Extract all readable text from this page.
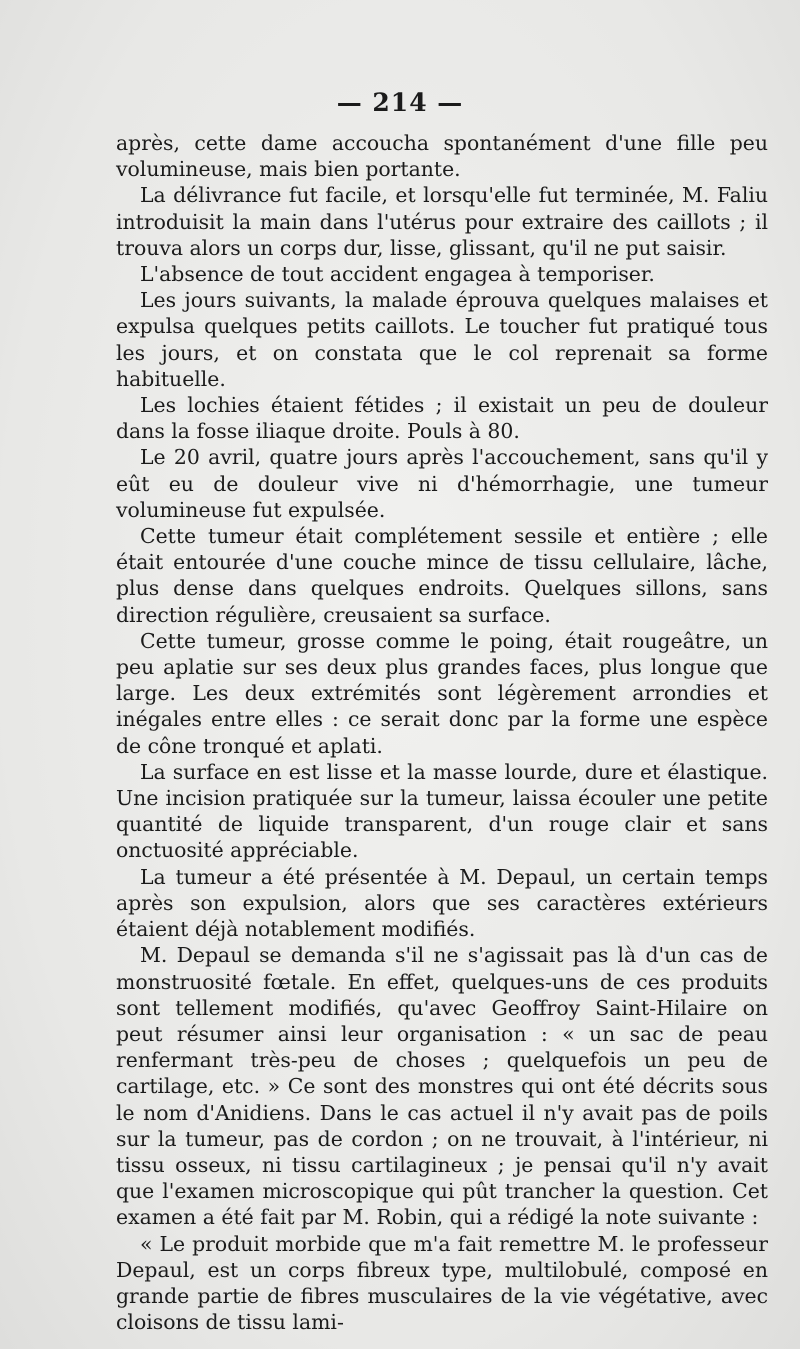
— 214 —

après, cette dame accoucha spontanément d'une fille peu volumineuse, mais bien portante.

La délivrance fut facile, et lorsqu'elle fut terminée, M. Faliu introduisit la main dans l'utérus pour extraire des caillots ; il trouva alors un corps dur, lisse, glissant, qu'il ne put saisir.

L'absence de tout accident engagea à temporiser.

Les jours suivants, la malade éprouva quelques malaises et expulsa quelques petits caillots. Le toucher fut pratiqué tous les jours, et on constata que le col reprenait sa forme habituelle.

Les lochies étaient fétides ; il existait un peu de douleur dans la fosse iliaque droite. Pouls à 80.

Le 20 avril, quatre jours après l'accouchement, sans qu'il y eût eu de douleur vive ni d'hémorrhagie, une tumeur volumineuse fut expulsée.

Cette tumeur était complétement sessile et entière ; elle était entourée d'une couche mince de tissu cellulaire, lâche, plus dense dans quelques endroits. Quelques sillons, sans direction régulière, creusaient sa surface.

Cette tumeur, grosse comme le poing, était rougeâtre, un peu aplatie sur ses deux plus grandes faces, plus longue que large. Les deux extrémités sont légèrement arrondies et inégales entre elles : ce serait donc par la forme une espèce de cône tronqué et aplati.

La surface en est lisse et la masse lourde, dure et élastique. Une incision pratiquée sur la tumeur, laissa écouler une petite quantité de liquide transparent, d'un rouge clair et sans onctuosité appréciable.

La tumeur a été présentée à M. Depaul, un certain temps après son expulsion, alors que ses caractères extérieurs étaient déjà notablement modifiés.

M. Depaul se demanda s'il ne s'agissait pas là d'un cas de monstruosité fœtale. En effet, quelques-uns de ces produits sont tellement modifiés, qu'avec Geoffroy Saint-Hilaire on peut résumer ainsi leur organisation : « un sac de peau renfermant très-peu de choses ; quelquefois un peu de cartilage, etc. » Ce sont des monstres qui ont été décrits sous le nom d'Anidiens. Dans le cas actuel il n'y avait pas de poils sur la tumeur, pas de cordon ; on ne trouvait, à l'intérieur, ni tissu osseux, ni tissu cartilagineux ; je pensai qu'il n'y avait que l'examen microscopique qui pût trancher la question. Cet examen a été fait par M. Robin, qui a rédigé la note suivante :

« Le produit morbide que m'a fait remettre M. le professeur Depaul, est un corps fibreux type, multilobulé, composé en grande partie de fibres musculaires de la vie végétative, avec cloisons de tissu lami-
